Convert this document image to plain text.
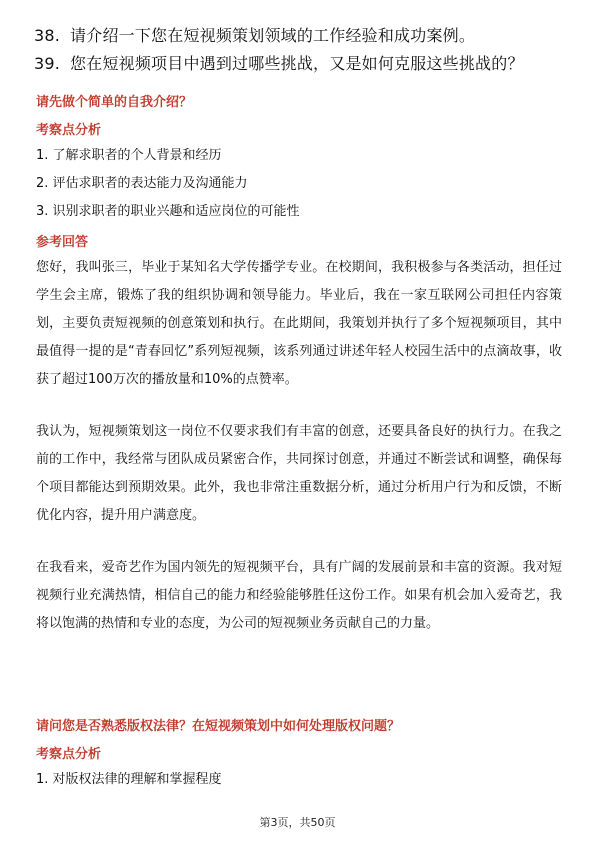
38. 请介绍一下您在短视频策划领域的工作经验和成功案例。
39. 您在短视频项目中遇到过哪些挑战，又是如何克服这些挑战的？
请先做个简单的自我介绍？
考察点分析
1. 了解求职者的个人背景和经历
2. 评估求职者的表达能力及沟通能力
3. 识别求职者的职业兴趣和适应岗位的可能性
参考回答

您好，我叫张三，毕业于某知名大学传播学专业。在校期间，我积极参与各类活动，担任过学生会主席，锻炼了我的组织协调和领导能力。毕业后，我在一家互联网公司担任内容策划，主要负责短视频的创意策划和执行。在此期间，我策划并执行了多个短视频项目，其中最值得一提的是“青春回忆”系列短视频，该系列通过讲述年轻人校园生活中的点滴故事，收获了超过100万次的播放量和10%的点赞率。

我认为，短视频策划这一岗位不仅要求我们有丰富的创意，还要具备良好的执行力。在我之前的工作中，我经常与团队成员紧密合作，共同探讨创意，并通过不断尝试和调整，确保每个项目都能达到预期效果。此外，我也非常注重数据分析，通过分析用户行为和反馈，不断优化内容，提升用户满意度。

在我看来，爱奇艺作为国内领先的短视频平台，具有广阔的发展前景和丰富的资源。我对短视频行业充满热情，相信自己的能力和经验能够胜任这份工作。如果有机会加入爱奇艺，我将以饱满的热情和专业的态度，为公司的短视频业务贡献自己的力量。

请问您是否熟悉版权法律？在短视频策划中如何处理版权问题？
考察点分析
1. 对版权法律的理解和掌握程度
第3页，共50页
